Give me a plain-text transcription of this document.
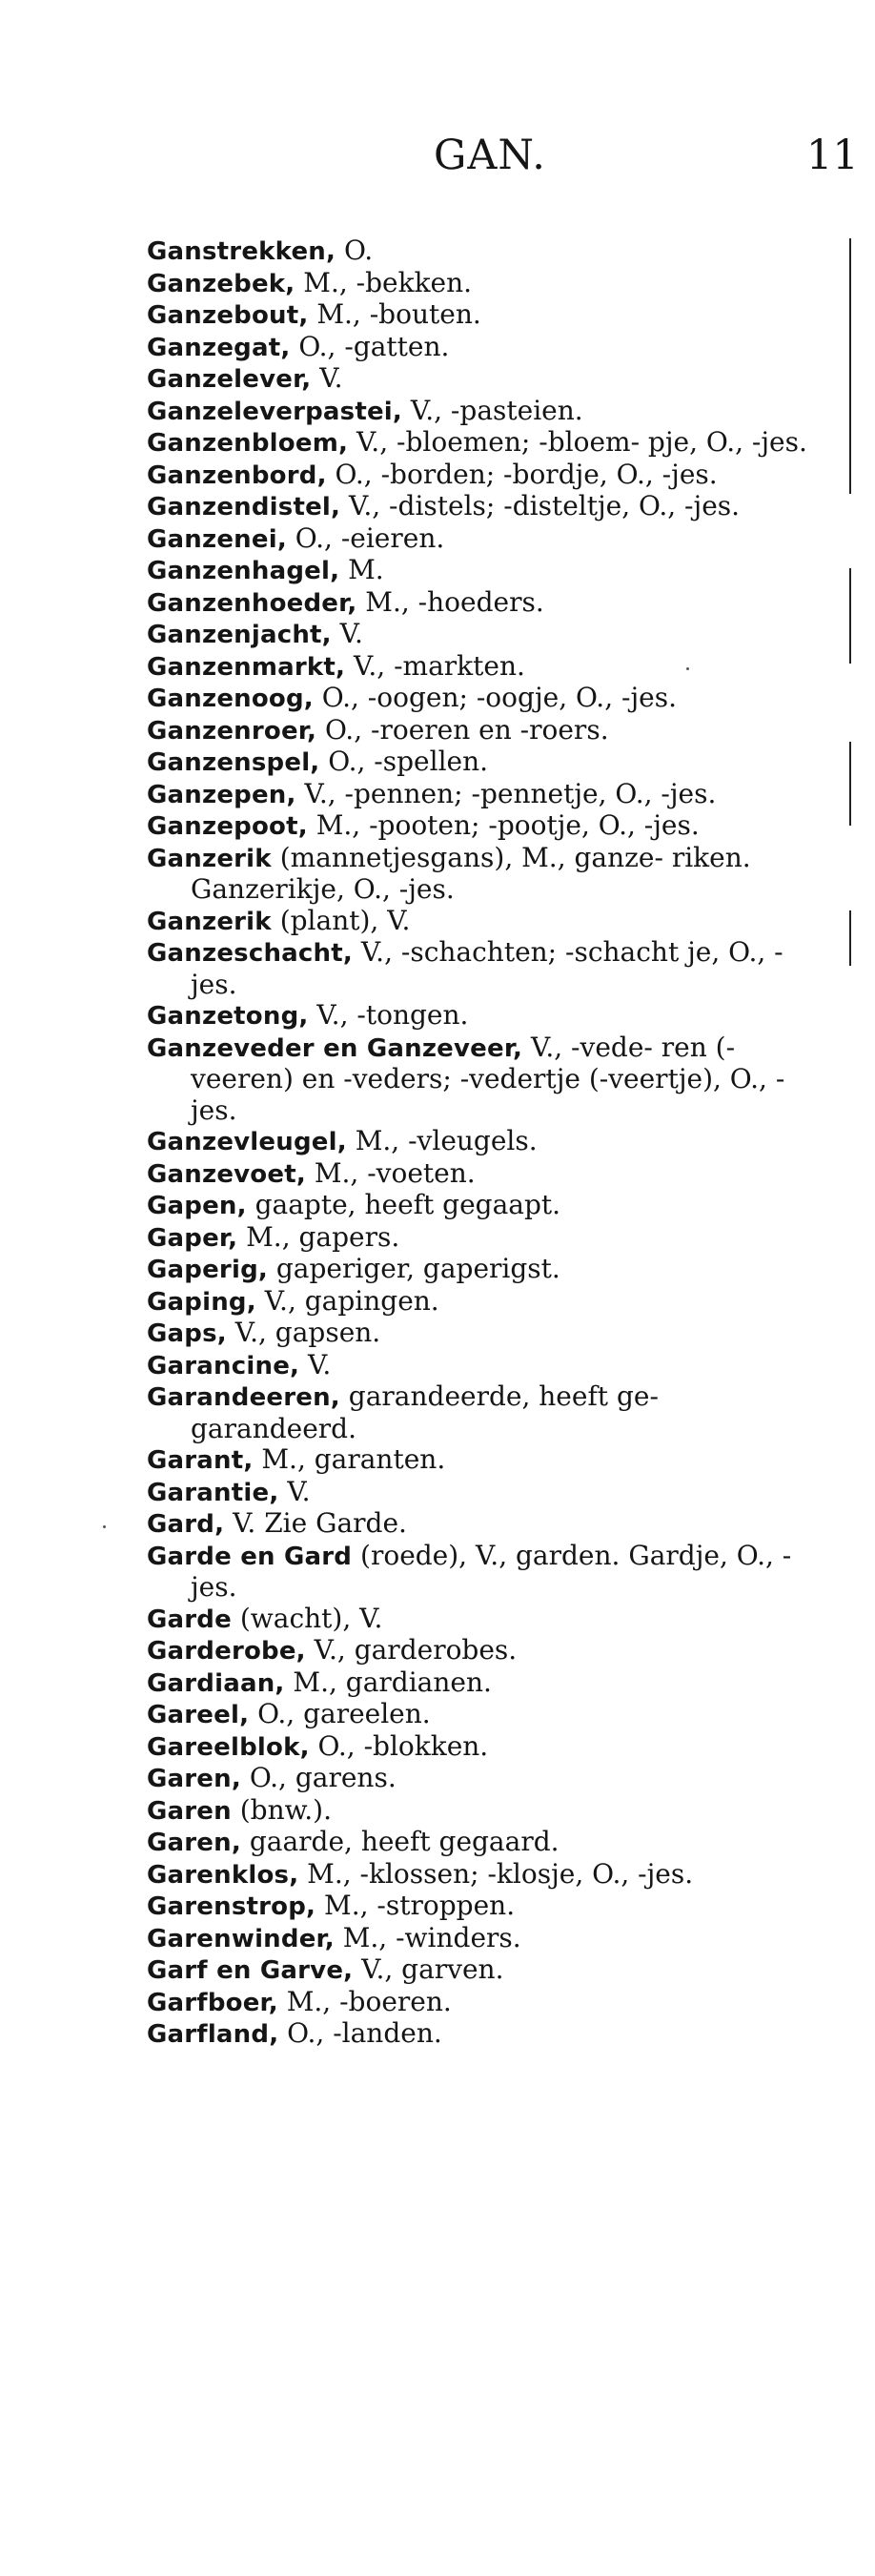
GAN.	11

Ganstrekken, O.

Ganzebek, M., -bekken.

Ganzebout, M., -bouten.

Ganzegat, O., -gatten.

Ganzelever, V.

Ganzeleverpastei, V., -pasteien.

Ganzenbloem, V., -bloemen; -bloem- pje, O., -jes.

Ganzenbord, O., -borden; -bordje, O., -jes.

Ganzendistel, V., -distels; -disteltje, O., -jes.

Ganzenei, O., -eieren.

Ganzenhagel, M.

Ganzenhoeder, M., -hoeders.

Ganzenjacht, V.

Ganzenmarkt, V., -markten.

Ganzenoog, O., -oogen; -oogje, O., -jes.

Ganzenroer, O., -roeren en -roers.

Ganzenspel, O., -spellen.

Ganzepen, V., -pennen; -pennetje, O., -jes.

Ganzepoot, M., -pooten; -pootje, O., -jes.

Ganzerik (mannetjesgans), M., ganze- riken. Ganzerikje, O., -jes.

Ganzerik (plant), V.

Ganzeschacht, V., -schachten; -schacht je, O., -jes.

Ganzetong, V., -tongen.

Ganzeveder en Ganzeveer, V., -vede- ren (-veeren) en -veders; -vedertje (-veertje), O., -jes.

Ganzevleugel, M., -vleugels.

Ganzevoet, M., -voeten.

Gapen, gaapte, heeft gegaapt.

Gaper, M., gapers.

Gaperig, gaperiger, gaperigst.

Gaping, V., gapingen.

Gaps, V., gapsen.

Garancine, V.

Garandeeren, garandeerde, heeft ge- garandeerd.

Garant, M., garanten.

Garantie, V.

Gard, V. Zie Garde.

Garde en Gard (roede), V., garden. Gardje, O., -jes.

Garde (wacht), V.

Garderobe, V., garderobes.

Gardiaan, M., gardianen.

Gareel, O., gareelen.

Gareelblok, O., -blokken.

Garen, O., garens.

Garen (bnw.).

Garen, gaarde, heeft gegaard.

Garenklos, M., -klossen; -klosje, O., -jes.

Garenstrop, M., -stroppen.

Garenwinder, M., -winders.

Garf en Garve, V., garven.

Garfboer, M., -boeren.

Garfland, O., -landen.
